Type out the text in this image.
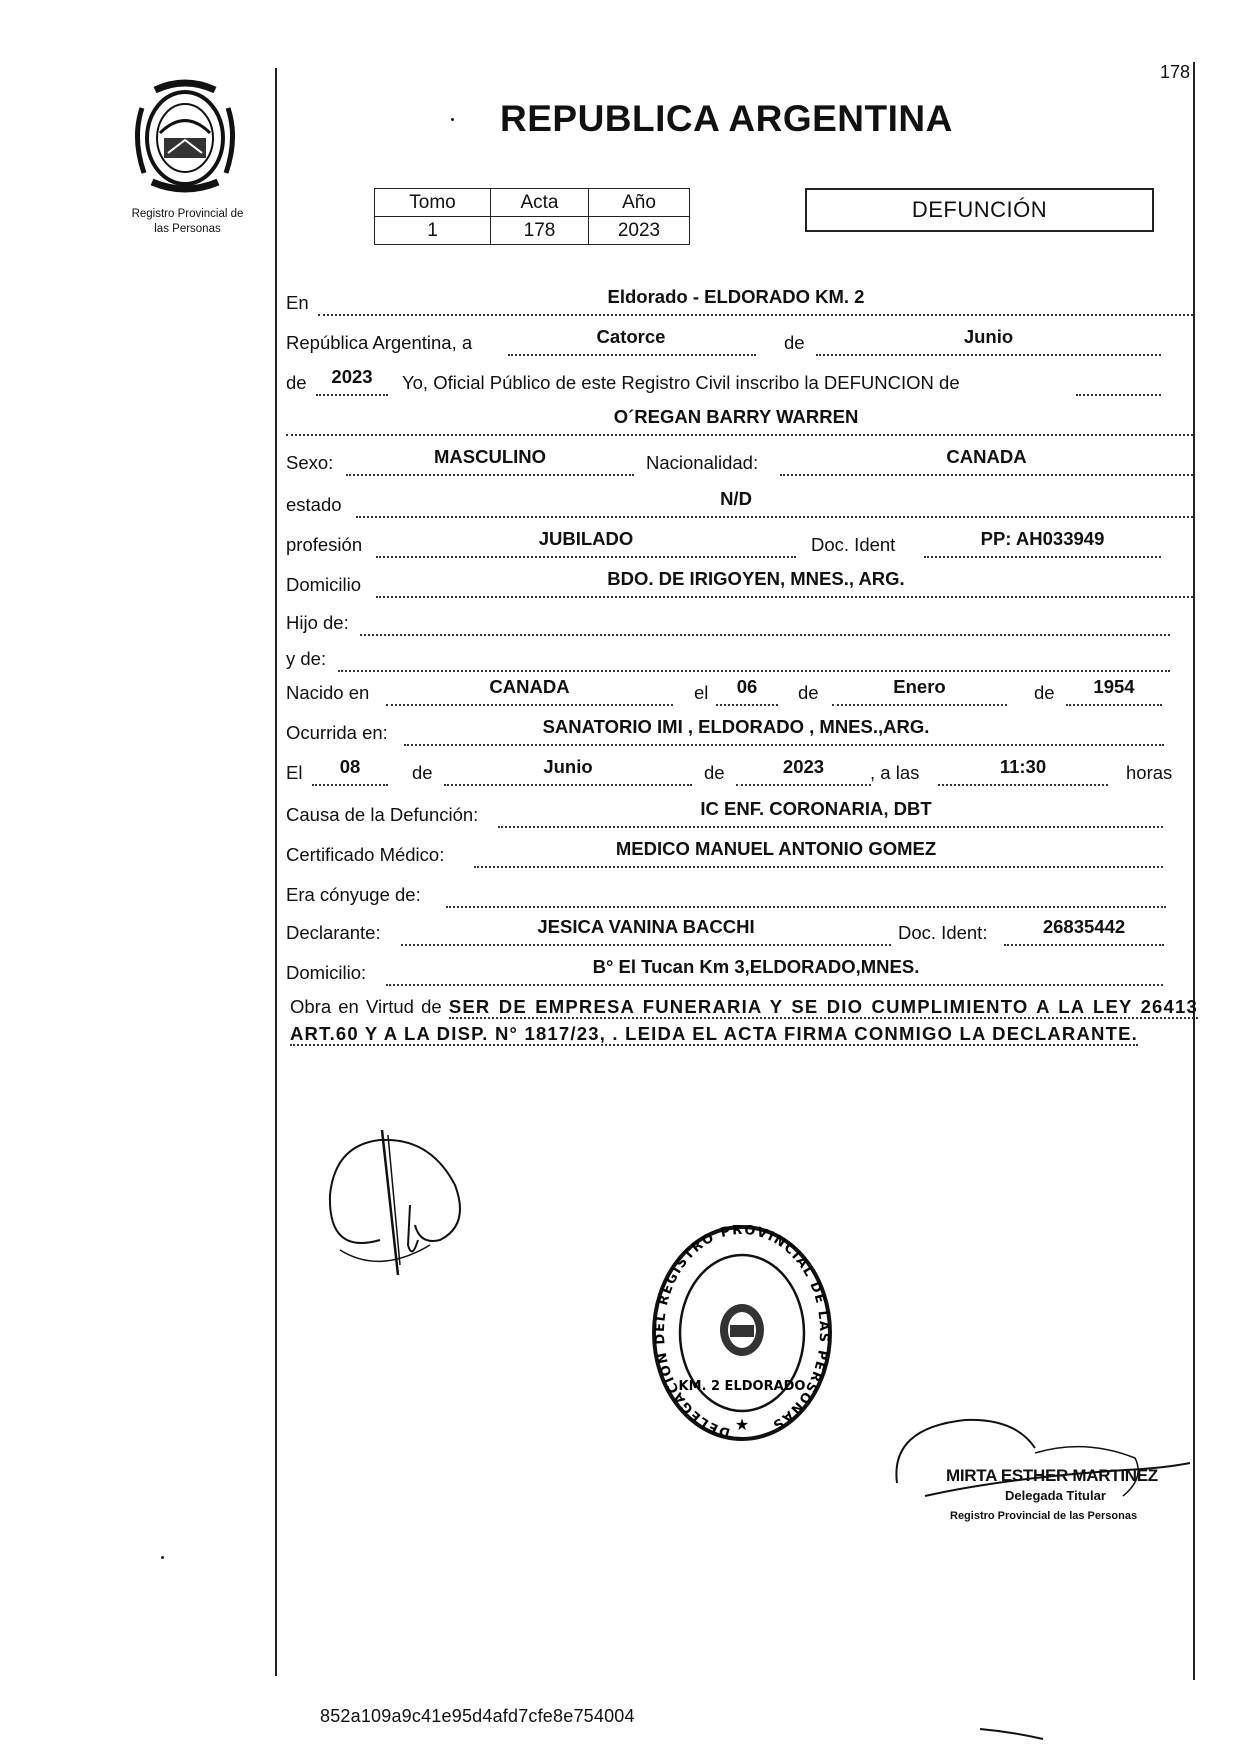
178
Registro Provincial de
las Personas
REPUBLICA ARGENTINA
Tomo	Acta	Año
1	178	2023
DEFUNCIÓN
En	Eldorado - ELDORADO KM. 2
República Argentina, a	Catorce	de	Junio
de	2023	Yo, Oficial Público de este Registro Civil inscribo la DEFUNCION de
O´REGAN BARRY WARREN
Sexo:	MASCULINO	Nacionalidad:	CANADA
estado	N/D
profesión	JUBILADO	Doc. Ident	PP: AH033949
Domicilio	BDO. DE IRIGOYEN, MNES., ARG.
Hijo de:
y de:
Nacido en	CANADA	el	06	de	Enero	de	1954
Ocurrida en:	SANATORIO IMI , ELDORADO , MNES.,ARG.
El	08	de	Junio	de	2023	, a las	11:30	horas
Causa de la Defunción:	IC ENF. CORONARIA, DBT
Certificado Médico:	MEDICO MANUEL ANTONIO GOMEZ
Era cónyuge de:
Declarante:	JESICA VANINA BACCHI	Doc. Ident:	26835442
Domicilio:	B° El Tucan Km 3,ELDORADO,MNES.
Obra en Virtud de SER DE EMPRESA FUNERARIA Y SE DIO CUMPLIMIENTO A LA LEY 26413 ART.60 Y A LA DISP. N° 1817/23, . LEIDA EL ACTA FIRMA CONMIGO LA DECLARANTE.
DELEGACION DEL REGISTRO PROVINCIAL DE LAS PERSONAS
KM. 2 ELDORADO
★
MIRTA ESTHER MARTINEZ
Delegada Titular
Registro Provincial de las Personas
852a109a9c41e95d4afd7cfe8e754004
